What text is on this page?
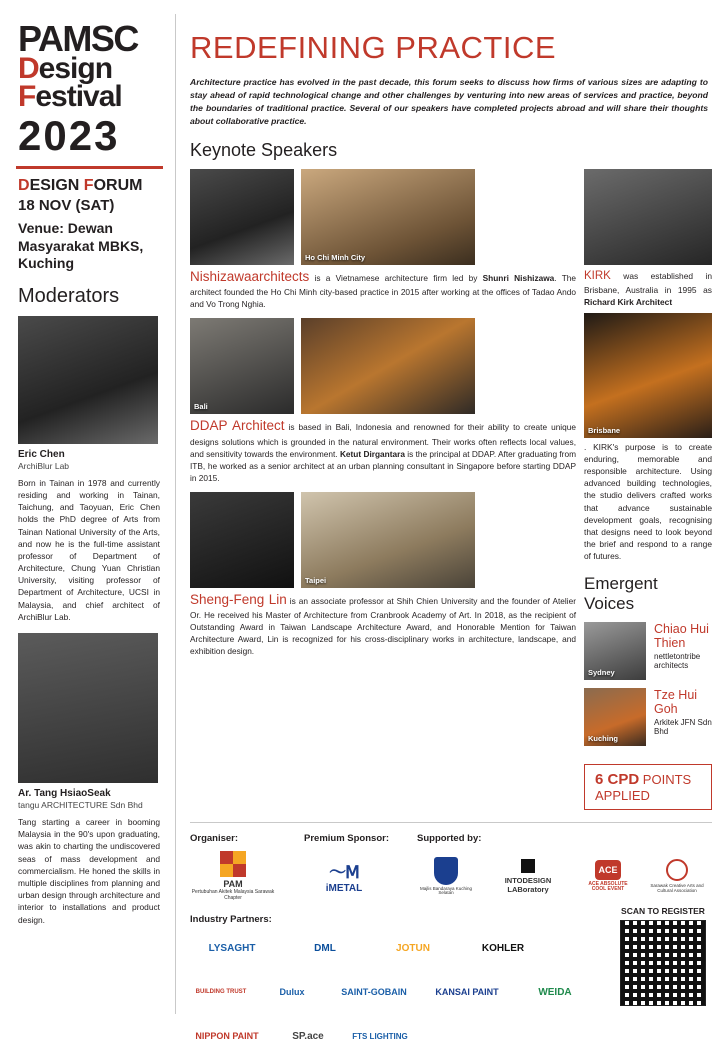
PAMSC
Design
Festival
2023
DESIGN FORUM
18 NOV (SAT)
Venue: Dewan Masyarakat MBKS, Kuching
Moderators
Eric Chen
ArchiBlur Lab
Born in Tainan in 1978 and currently residing and working in Tainan, Taichung, and Taoyuan, Eric Chen holds the PhD degree of Arts from Tainan National University of the Arts, and now he is the full-time assistant professor of Department of Architecture, Chung Yuan Christian University, visiting professor of Department of Architecture, UCSI in Malaysia, and chief architect of ArchiBlur Lab.
Ar. Tang HsiaoSeak
tangu ARCHITECTURE Sdn Bhd
Tang starting a career in booming Malaysia in the 90's upon graduating, was akin to charting the undiscovered seas of mass development and commercialism. He honed the skills in multiple disciplines from planning and urban design through architecture and interior to installations and product design.
REDEFINING PRACTICE
Architecture practice has evolved in the past decade, this forum seeks to discuss how firms of various sizes are adapting to stay ahead of rapid technological change and other challenges by venturing into new areas of services and practice, beyond the boundaries of traditional practice. Several of our speakers have completed projects abroad and will share their thoughts about collaborative practice.
Keynote Speakers
Ho Chi Minh City
Nishizawaarchitects is a Vietnamese architecture firm led by Shunri Nishizawa. The architect founded the Ho Chi Minh city-based practice in 2015 after working at the offices of Tadao Ando and Vo Trong Nghia.
Bali
DDAP Architect is based in Bali, Indonesia and renowned for their ability to create unique designs solutions which is grounded in the natural environment. Their works often reflects local values, and sensitivity towards the environment. Ketut Dirgantara is the principal at DDAP. After graduating from ITB, he worked as a senior architect at an urban planning consultant in Singapore before starting DDAP in 2015.
Taipei
Sheng-Feng Lin is an associate professor at Shih Chien University and the founder of Atelier Or. He received his Master of Architecture from Cranbrook Academy of Art. In 2018, as the recipient of Outstanding Award in Taiwan Landscape Architecture Award, and Honorable Mention for Taiwan Architecture Award, Lin is recognized for his cross-disciplinary works in architecture, landscape, and exhibition design.
KIRK was established in Brisbane, Australia in 1995 as Richard Kirk Architect
Brisbane
. KIRK's purpose is to create enduring, memorable and responsible architecture. Using advanced building technologies, the studio delivers crafted works that advance sustainable development goals, recognising that designs need to look beyond the brief and respond to a range of futures.
Emergent Voices
Sydney
Chiao Hui Thien
nettletontribe architects
Kuching
Tze Hui Goh
Arkitek JFN Sdn Bhd
6 CPD POINTS APPLIED
Organiser:
PAM
Pertubuhan Akitek Malaysia Sarawak Chapter
Premium Sponsor:
〜Ⅿ
iMETAL
Supported by:
Majlis Bandaraya Kuching Selatan
INTODESIGN LABoratory
ACE
ACE ABSOLUTE COOL EVENT
Sarawak Creative Arts and Cultural Association
Industry Partners:
LYSAGHT	DML	JOTUN	KOHLER
BUILDING TRUST	Dulux	SAINT-GOBAIN	KANSAI PAINT	WEIDA
NIPPON PAINT	SP.ace	FTS LIGHTING
SCAN TO REGISTER
